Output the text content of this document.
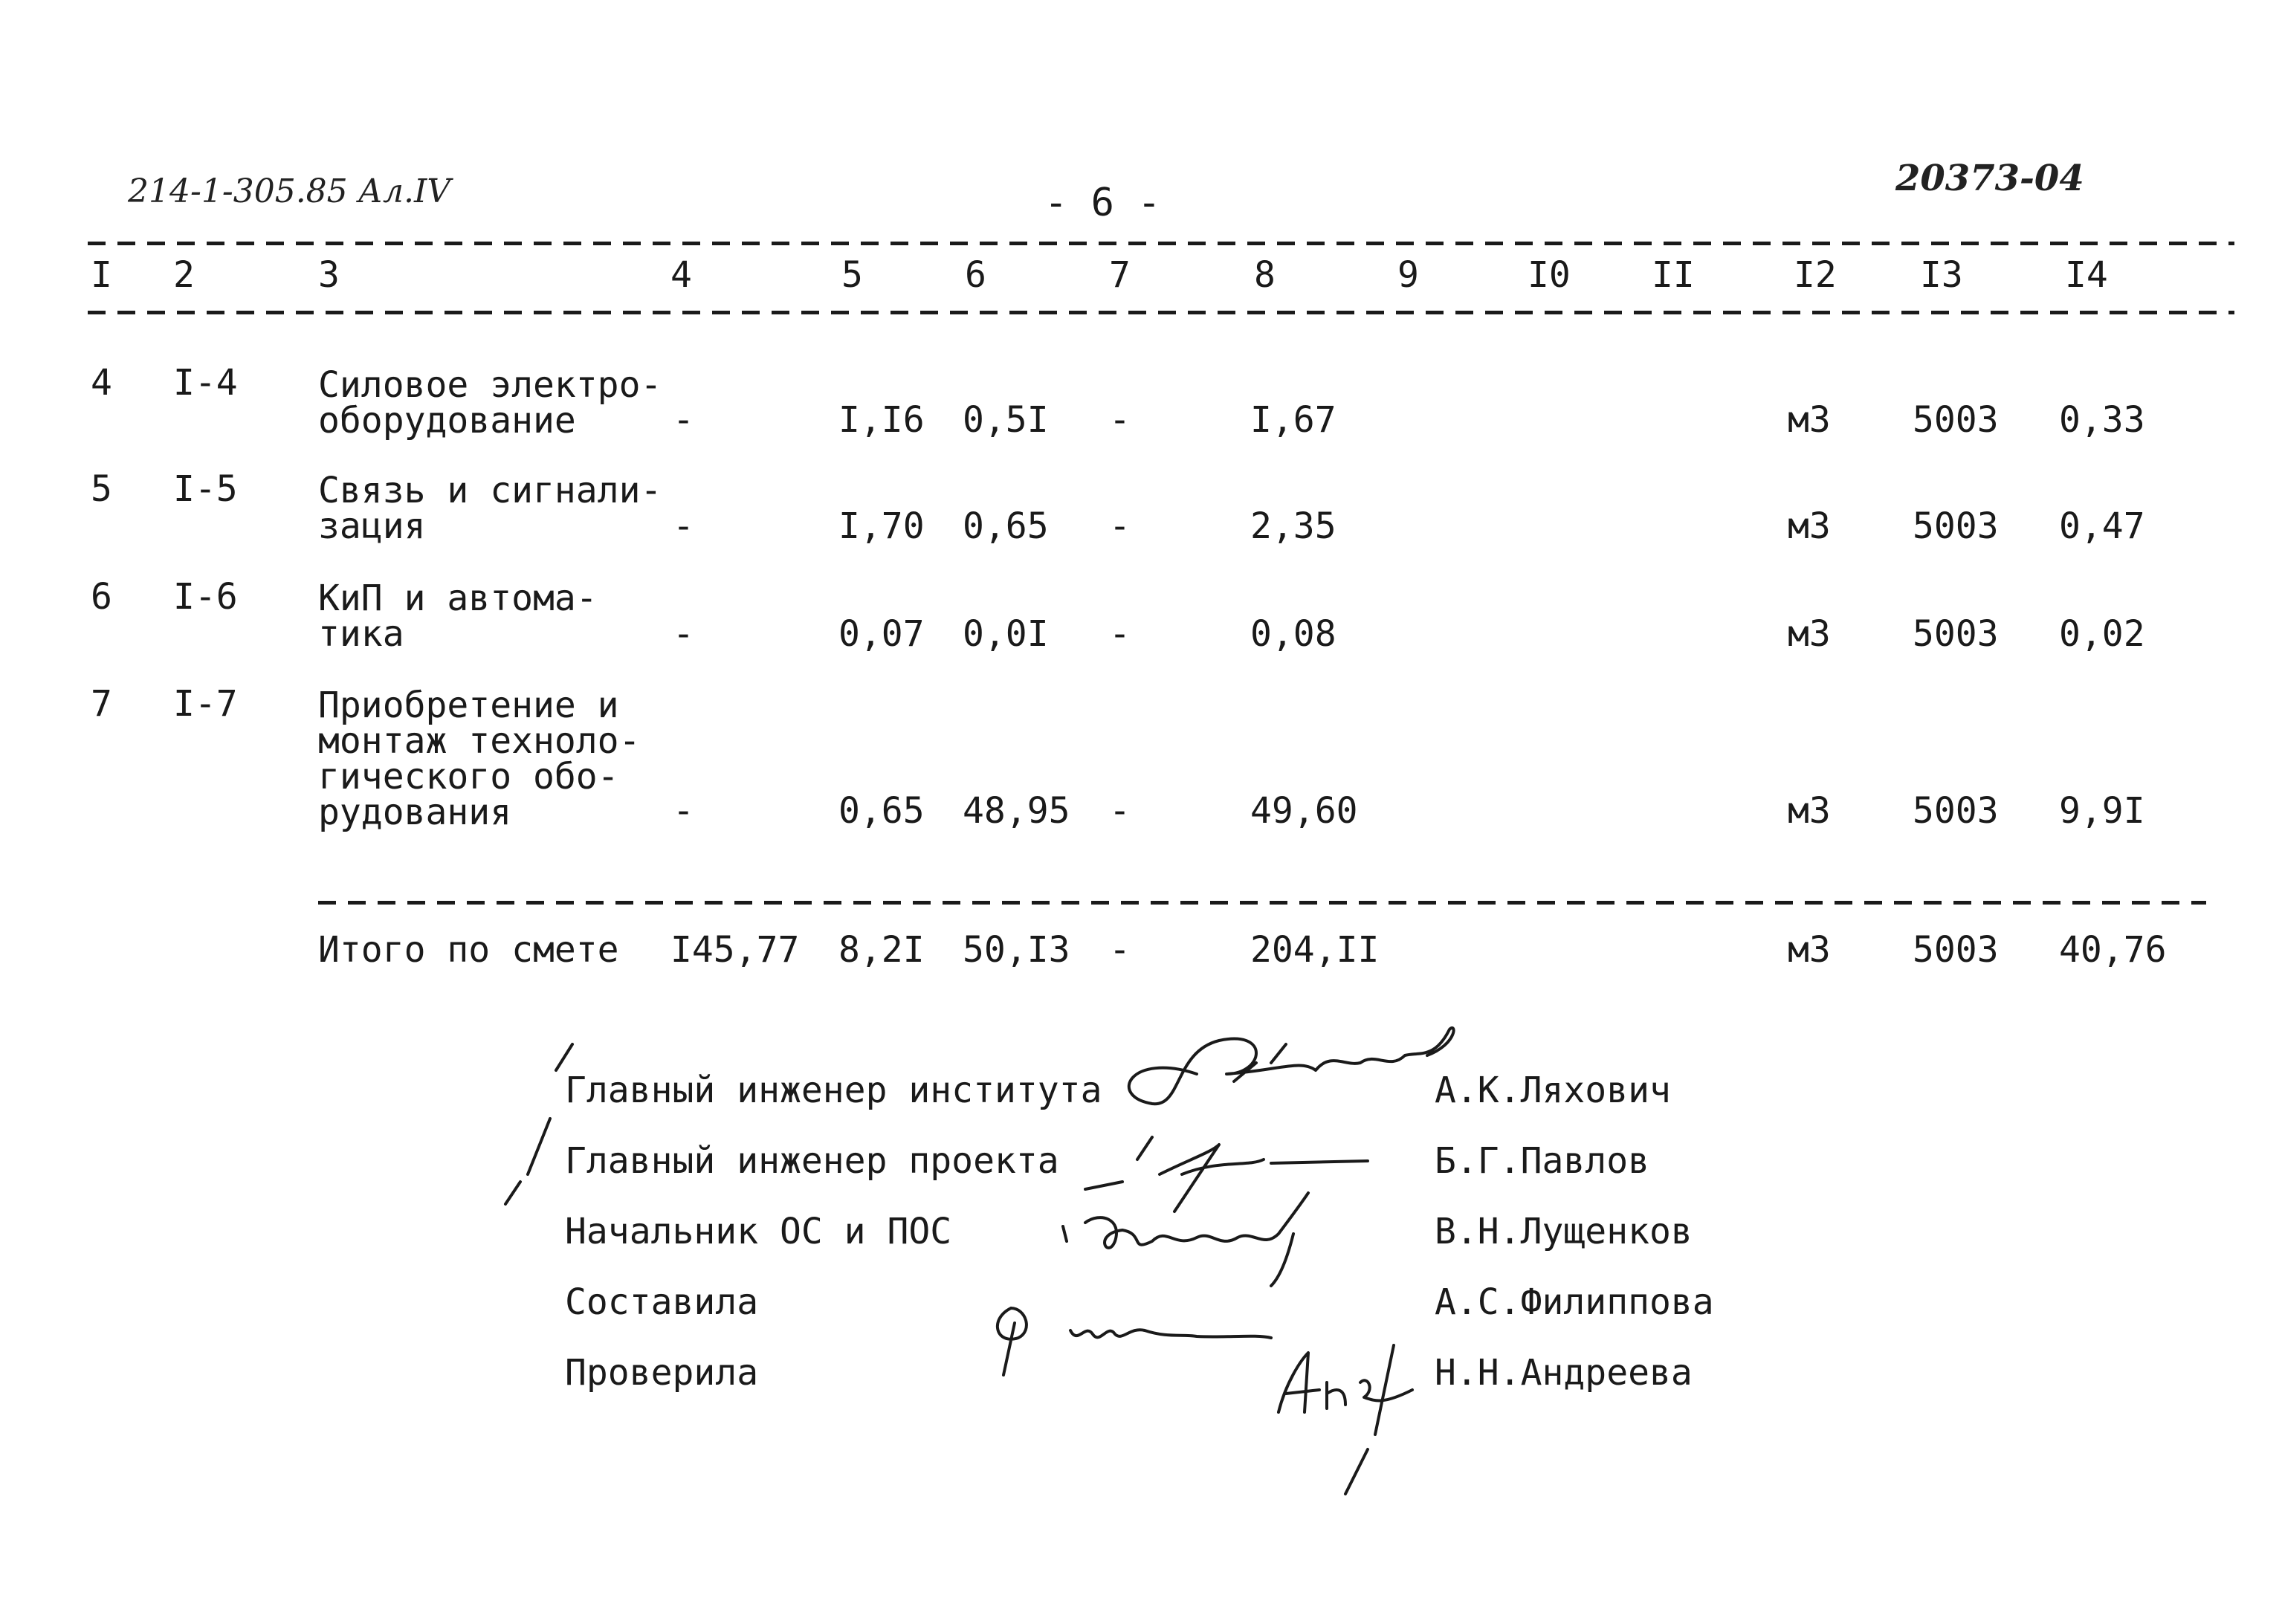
214-1-305.85 Ал.IV	- 6 -
20373-04
I 2	3	4	5	6	7	8	9	I0 II	I2 I3	I4
4 I-4 Силовое электро-
оборудование	-	I,I6 0,5I -	I,67	м3 5003 0,33
5 I-5 Связь и сигнали-
зация	-	I,70 0,65 -	2,35	м3 5003 0,47
6 I-6 КиП и автома-
тика	-	0,07 0,0I -	0,08	м3 5003 0,02
7 I-7 Приобретение и
монтаж техноло-
гического обо-
рудования	-	0,65 48,95 -	49,60	м3 5003 9,9I
Итого по смете I45,77 8,2I 50,I3 -	204,II	м3 5003 40,76
Главный инженер института	А.К.Ляхович
Главный инженер проекта	Б.Г.Павлов
Начальник ОС и ПОС	В.Н.Лущенков
Составила	А.С.Филиппова
Проверила	Н.Н.Андреева
